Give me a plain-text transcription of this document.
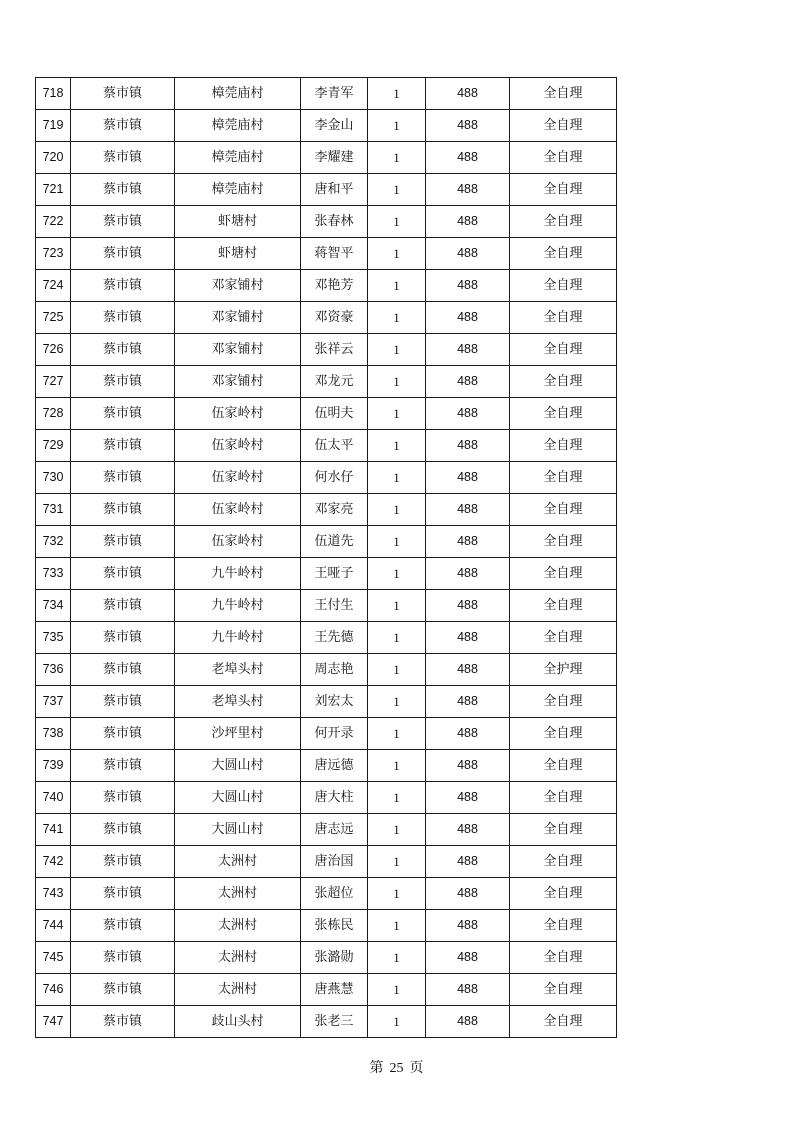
718	蔡市镇	樟莞庙村	李青军	1	488	全自理
719	蔡市镇	樟莞庙村	李金山	1	488	全自理
720	蔡市镇	樟莞庙村	李耀建	1	488	全自理
721	蔡市镇	樟莞庙村	唐和平	1	488	全自理
722	蔡市镇	虾塘村	张春林	1	488	全自理
723	蔡市镇	虾塘村	蒋智平	1	488	全自理
724	蔡市镇	邓家铺村	邓艳芳	1	488	全自理
725	蔡市镇	邓家铺村	邓资豪	1	488	全自理
726	蔡市镇	邓家铺村	张祥云	1	488	全自理
727	蔡市镇	邓家铺村	邓龙元	1	488	全自理
728	蔡市镇	伍家岭村	伍明夫	1	488	全自理
729	蔡市镇	伍家岭村	伍太平	1	488	全自理
730	蔡市镇	伍家岭村	何水仔	1	488	全自理
731	蔡市镇	伍家岭村	邓家亮	1	488	全自理
732	蔡市镇	伍家岭村	伍道先	1	488	全自理
733	蔡市镇	九牛岭村	王哑子	1	488	全自理
734	蔡市镇	九牛岭村	王付生	1	488	全自理
735	蔡市镇	九牛岭村	王先德	1	488	全自理
736	蔡市镇	老埠头村	周志艳	1	488	全护理
737	蔡市镇	老埠头村	刘宏太	1	488	全自理
738	蔡市镇	沙坪里村	何开录	1	488	全自理
739	蔡市镇	大圆山村	唐远德	1	488	全自理
740	蔡市镇	大圆山村	唐大柱	1	488	全自理
741	蔡市镇	大圆山村	唐志远	1	488	全自理
742	蔡市镇	太洲村	唐治国	1	488	全自理
743	蔡市镇	太洲村	张超位	1	488	全自理
744	蔡市镇	太洲村	张栋民	1	488	全自理
745	蔡市镇	太洲村	张潞勋	1	488	全自理
746	蔡市镇	太洲村	唐燕慧	1	488	全自理
747	蔡市镇	歧山头村	张老三	1	488	全自理
第 25 页
